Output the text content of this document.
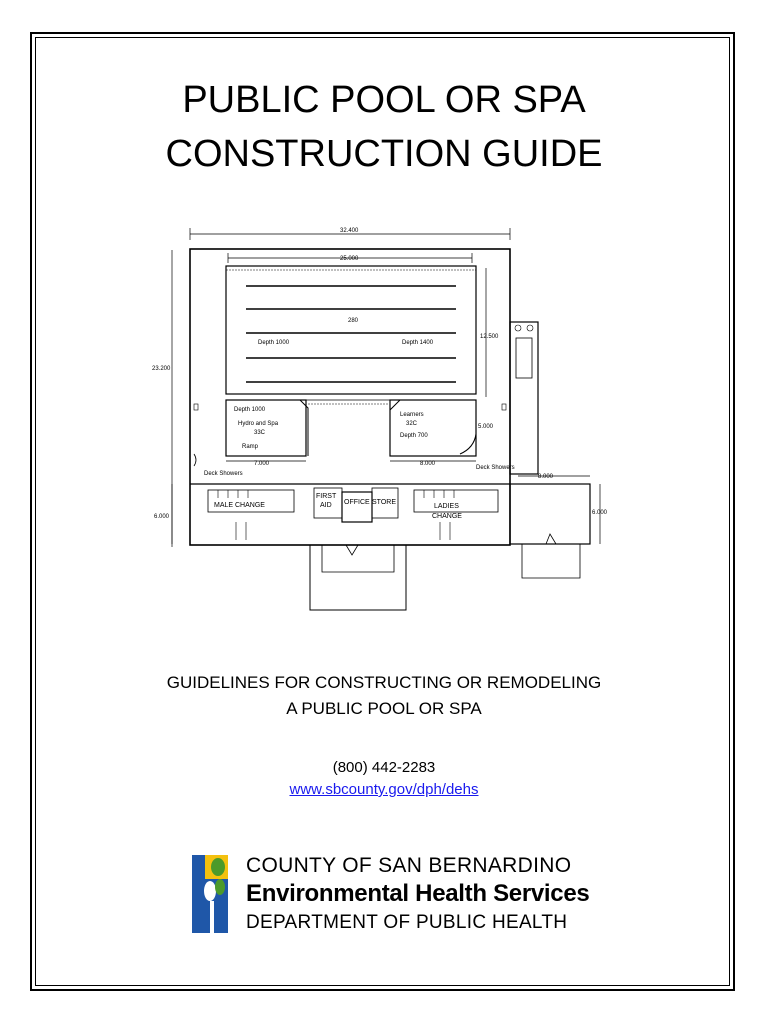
PUBLIC POOL OR SPA
CONSTRUCTION GUIDE
32.400
25.000
23.200
12.500
5.000
7.000	8.000
8.000
6.000
6.000
280
Depth 1000	Depth 1400
Depth 1000
Hydro and Spa
33C
Ramp
Learners
32C
Depth 700
Deck Showers
Deck Showers
MALE CHANGE
FIRST
AID OFFICE STORE
LADIES
CHANGE
GUIDELINES FOR CONSTRUCTING OR REMODELING
A PUBLIC POOL OR SPA
(800) 442-2283
www.sbcounty.gov/dph/dehs
COUNTY OF SAN BERNARDINO
Environmental Health Services
DEPARTMENT OF PUBLIC HEALTH
